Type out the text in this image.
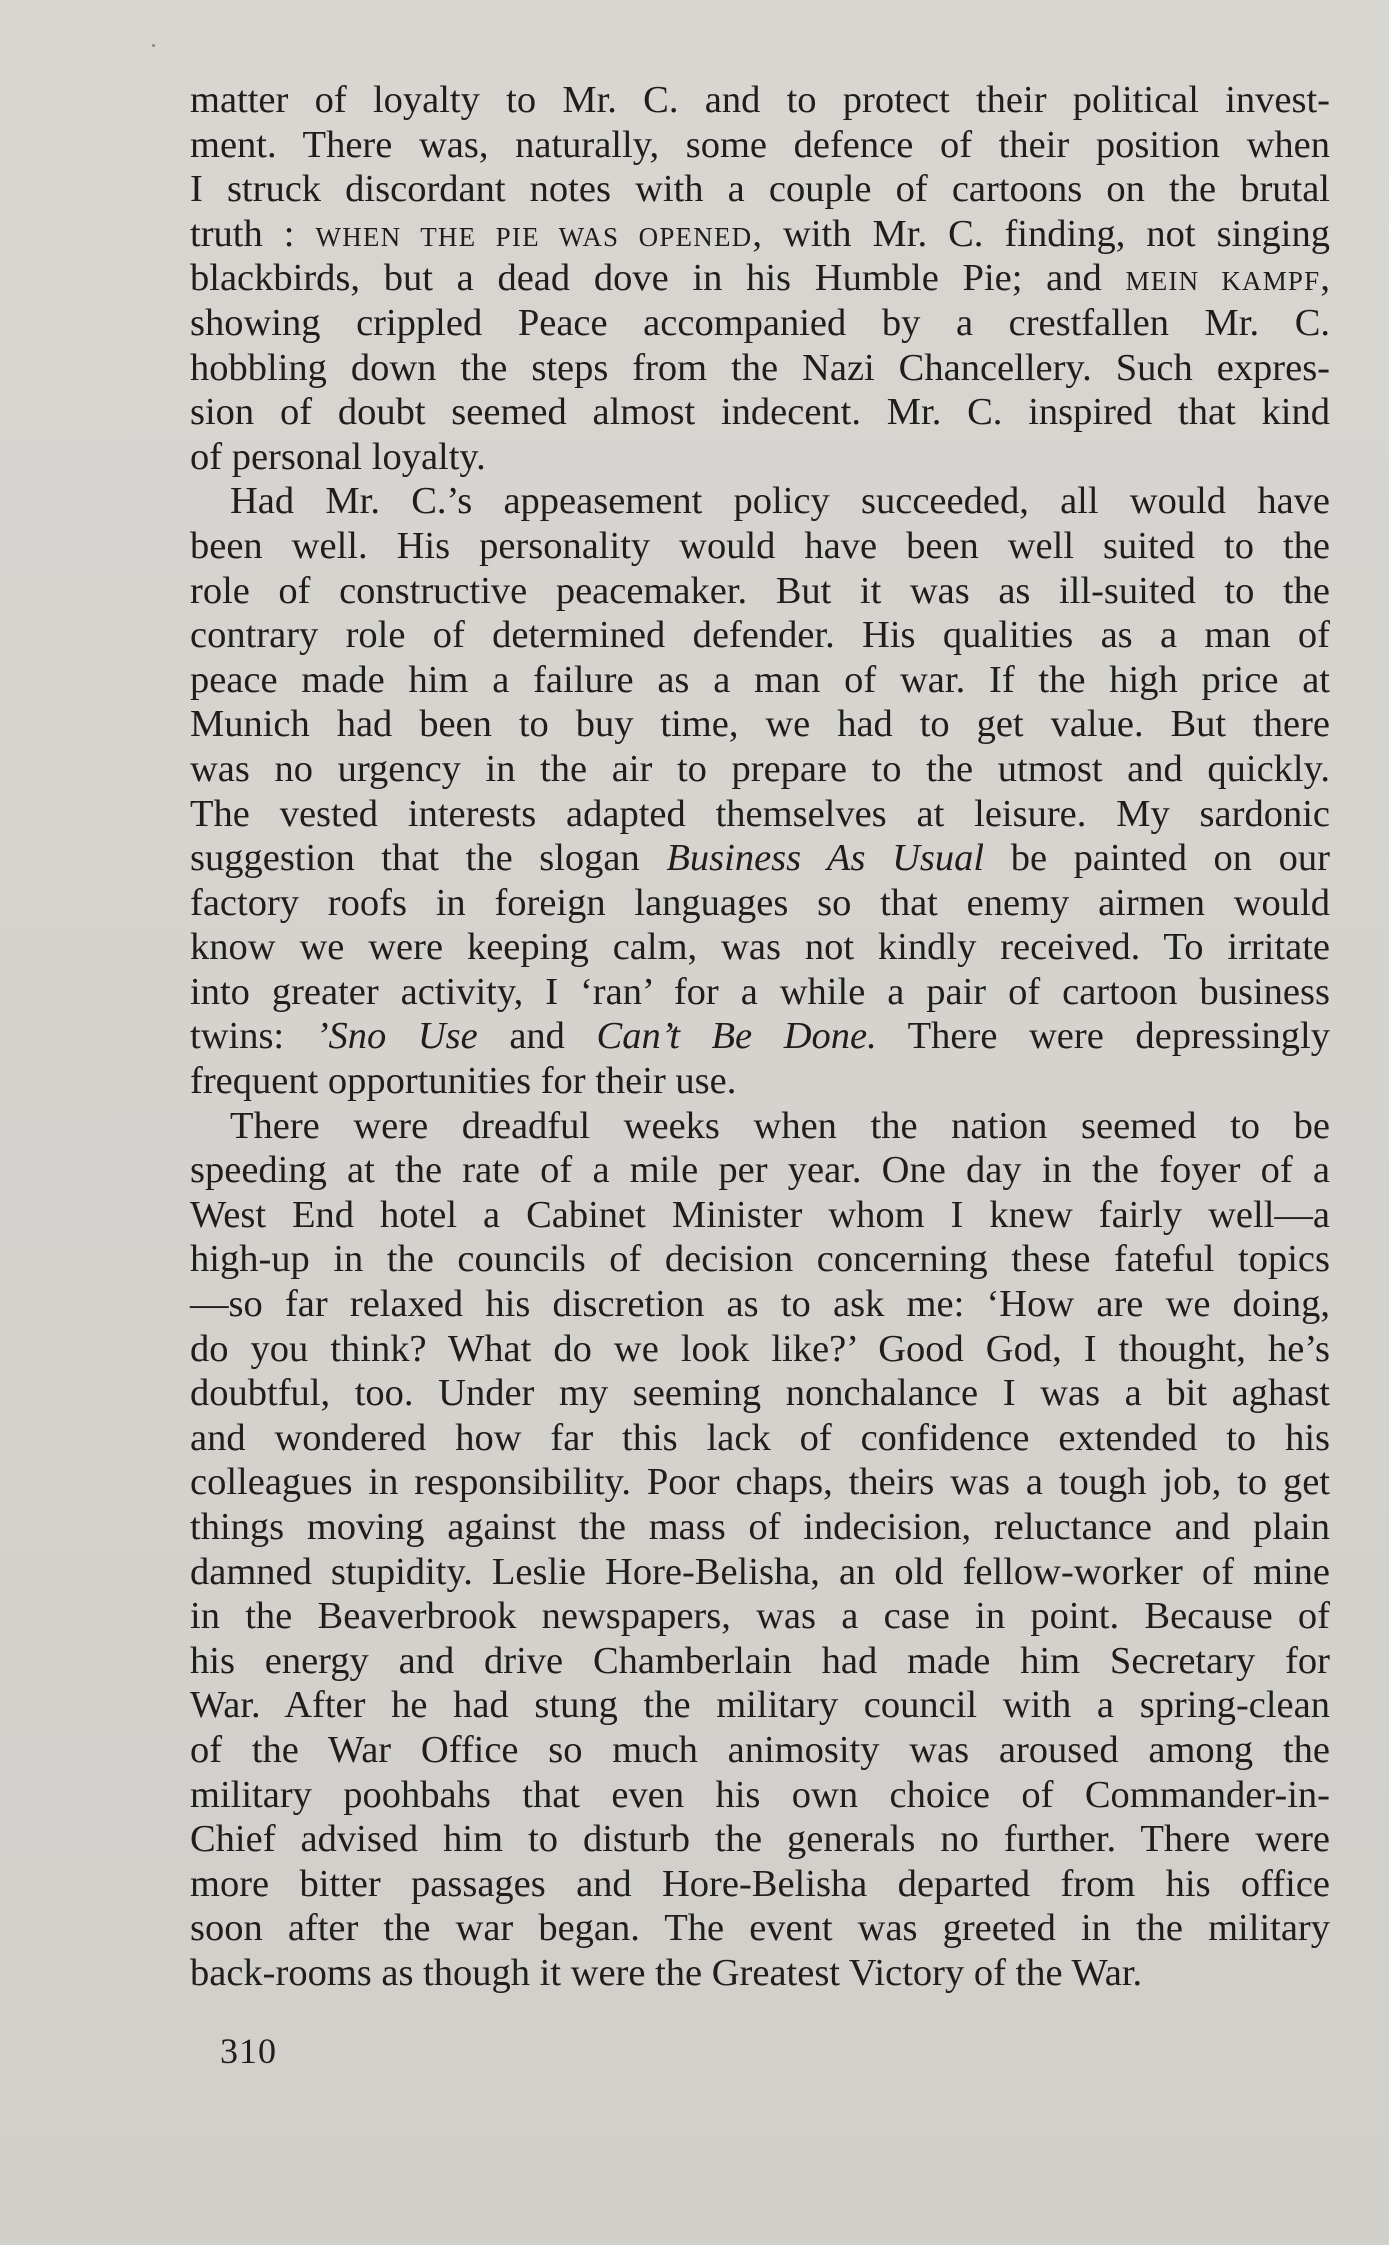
matter of loyalty to Mr. C. and to protect their political invest-
ment. There was, naturally, some defence of their position when
I struck discordant notes with a couple of cartoons on the brutal
truth : WHEN THE PIE WAS OPENED, with Mr. C. finding, not singing
blackbirds, but a dead dove in his Humble Pie; and MEIN KAMPF,
showing crippled Peace accompanied by a crestfallen Mr. C.
hobbling down the steps from the Nazi Chancellery. Such expres-
sion of doubt seemed almost indecent. Mr. C. inspired that kind
of personal loyalty.
Had Mr. C.’s appeasement policy succeeded, all would have
been well. His personality would have been well suited to the
role of constructive peacemaker. But it was as ill-suited to the
contrary role of determined defender. His qualities as a man of
peace made him a failure as a man of war. If the high price at
Munich had been to buy time, we had to get value. But there
was no urgency in the air to prepare to the utmost and quickly.
The vested interests adapted themselves at leisure. My sardonic
suggestion that the slogan Business As Usual be painted on our
factory roofs in foreign languages so that enemy airmen would
know we were keeping calm, was not kindly received. To irritate
into greater activity, I ‘ran’ for a while a pair of cartoon business
twins: ’Sno Use and Can’t Be Done. There were depressingly
frequent opportunities for their use.
There were dreadful weeks when the nation seemed to be
speeding at the rate of a mile per year. One day in the foyer of a
West End hotel a Cabinet Minister whom I knew fairly well—a
high-up in the councils of decision concerning these fateful topics
—so far relaxed his discretion as to ask me: ‘How are we doing,
do you think? What do we look like?’ Good God, I thought, he’s
doubtful, too. Under my seeming nonchalance I was a bit aghast
and wondered how far this lack of confidence extended to his
colleagues in responsibility. Poor chaps, theirs was a tough job, to get
things moving against the mass of indecision, reluctance and plain
damned stupidity. Leslie Hore-Belisha, an old fellow-worker of mine
in the Beaverbrook newspapers, was a case in point. Because of
his energy and drive Chamberlain had made him Secretary for
War. After he had stung the military council with a spring-clean
of the War Office so much animosity was aroused among the
military poohbahs that even his own choice of Commander-in-
Chief advised him to disturb the generals no further. There were
more bitter passages and Hore-Belisha departed from his office
soon after the war began. The event was greeted in the military
back-rooms as though it were the Greatest Victory of the War.
310
